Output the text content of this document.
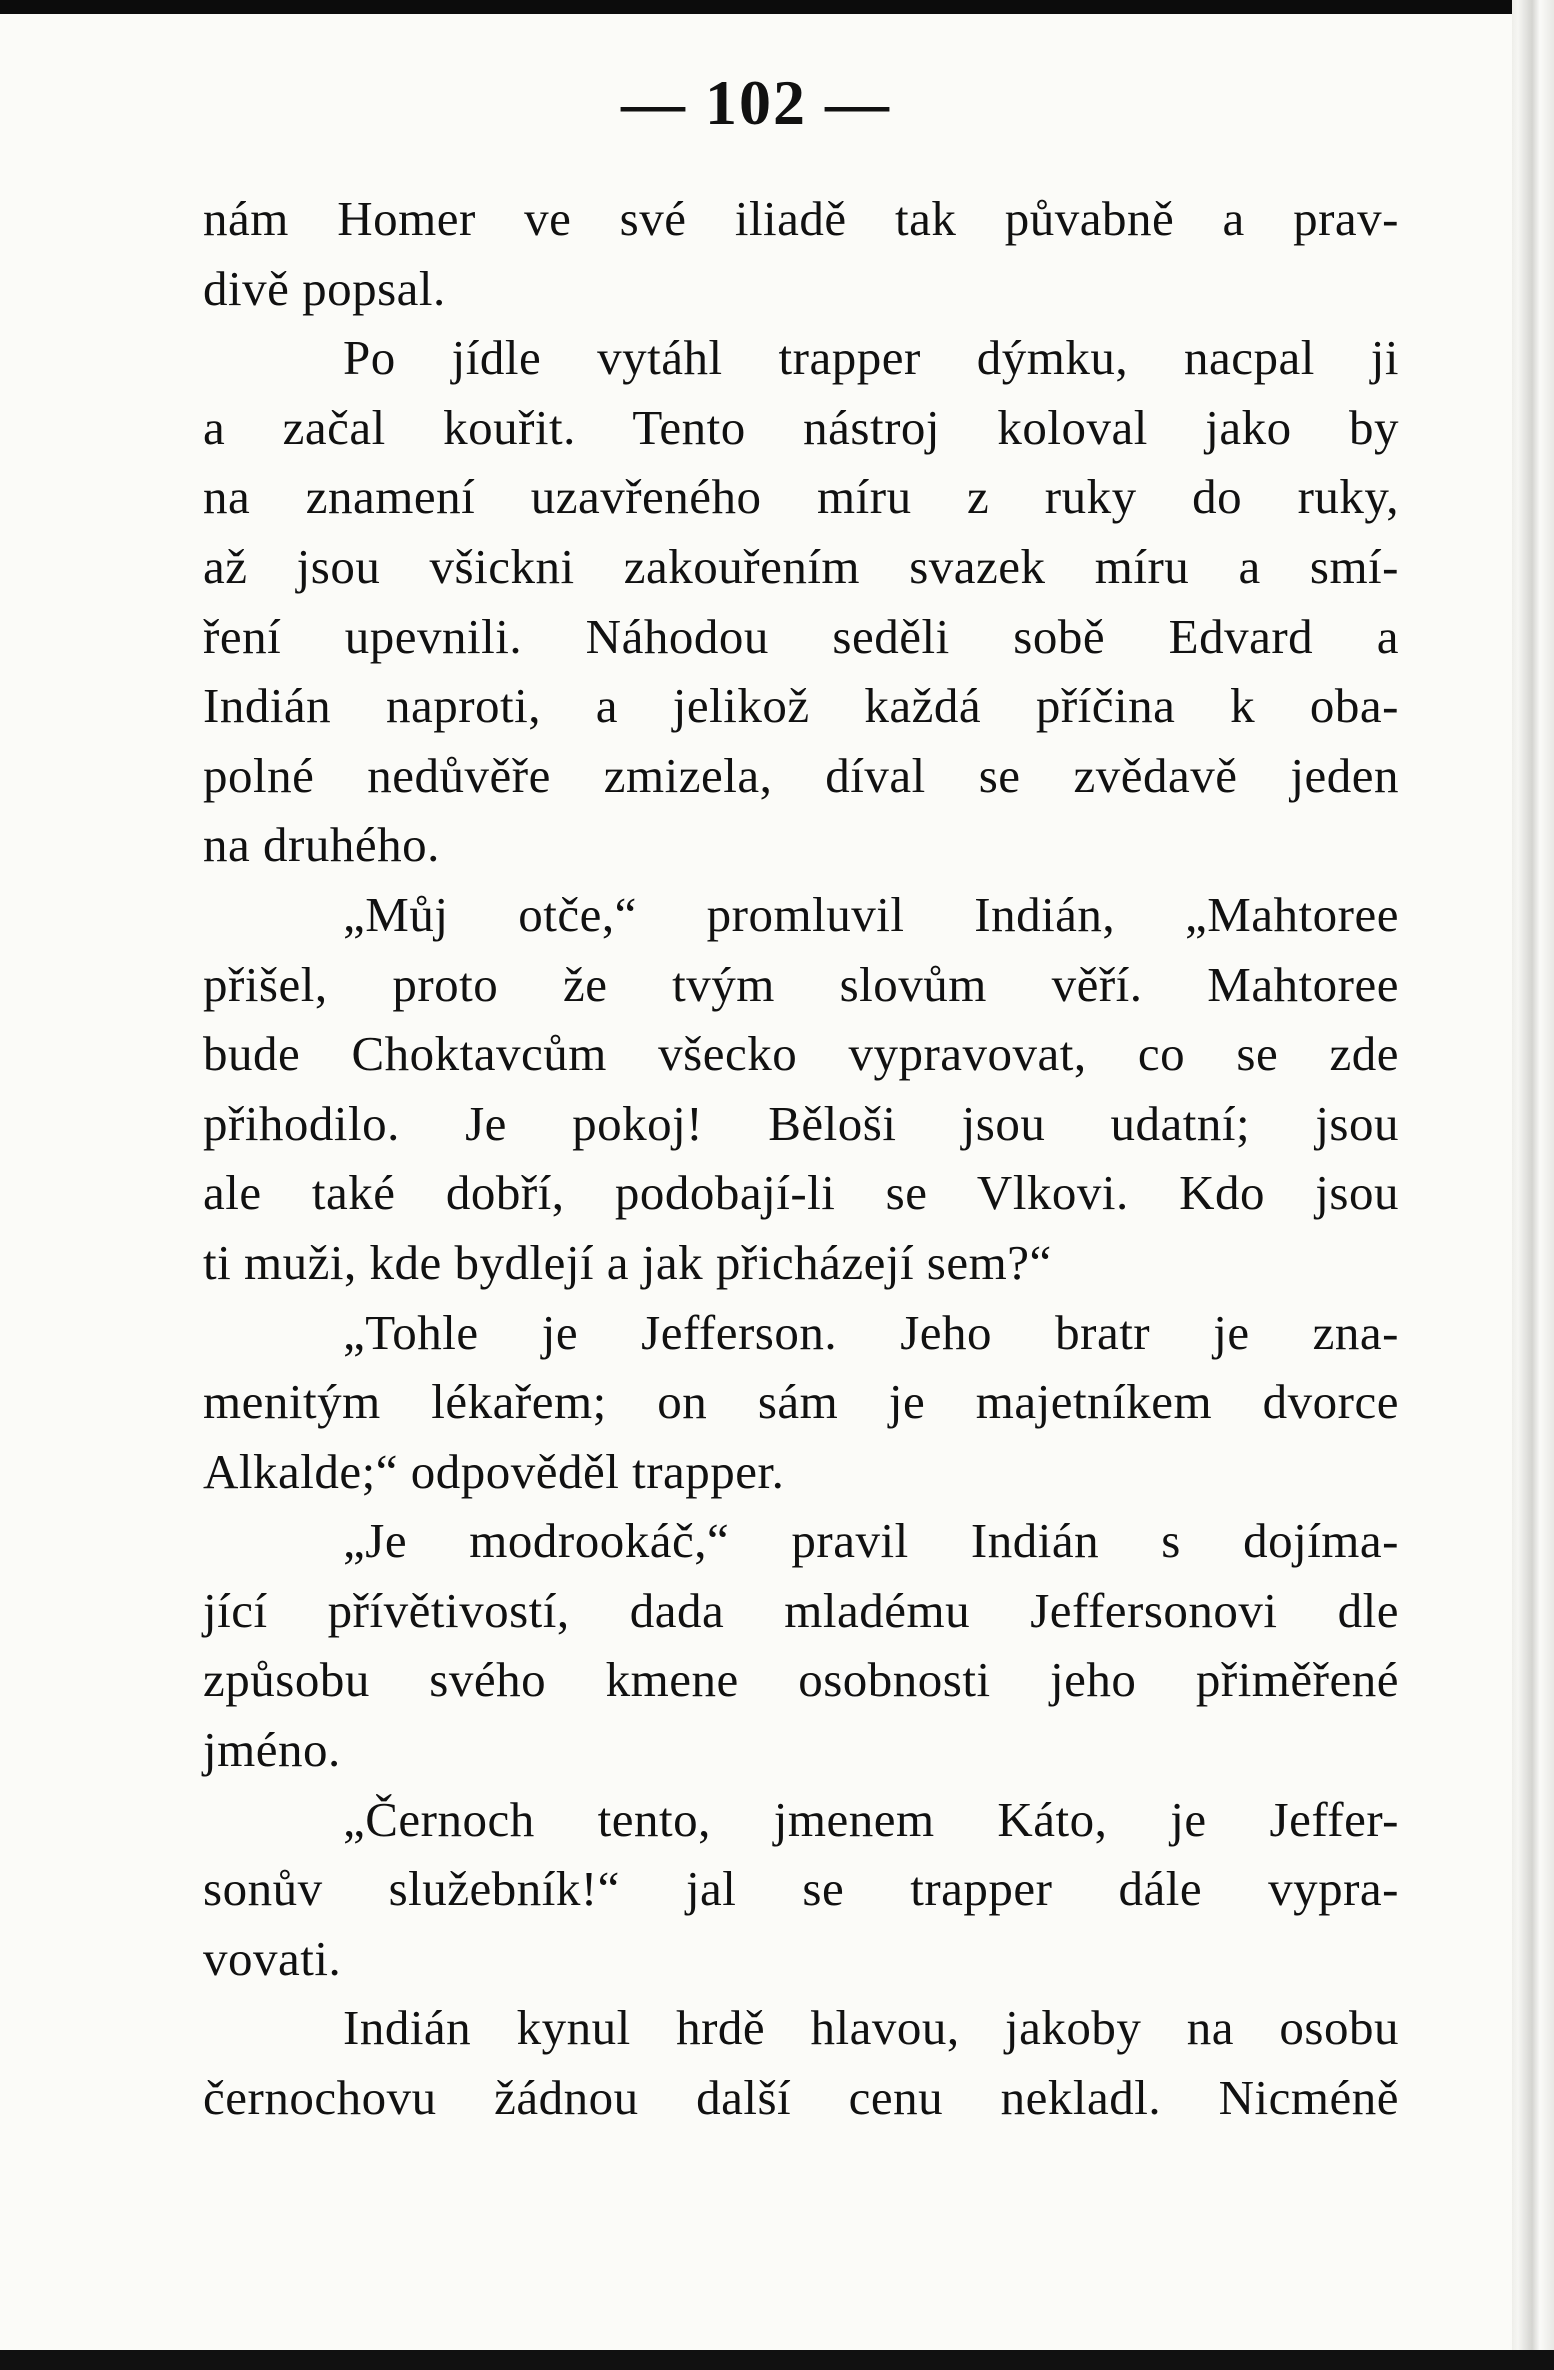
— 102 —
nám Homer ve své iliadě tak půvabně a prav-
divě popsal.
Po jídle vytáhl trapper dýmku, nacpal ji
a začal kouřit. Tento nástroj koloval jako by
na znamení uzavřeného míru z ruky do ruky,
až jsou všickni zakouřením svazek míru a smí-
ření upevnili. Náhodou seděli sobě Edvard a
Indián naproti, a jelikož každá příčina k oba-
polné nedůvěře zmizela, díval se zvědavě jeden
na druhého.
„Můj otče,“ promluvil Indián, „Mahtoree
přišel, proto že tvým slovům věří. Mahtoree
bude Choktavcům všecko vypravovat, co se zde
přihodilo. Je pokoj! Běloši jsou udatní; jsou
ale také dobří, podobají-li se Vlkovi. Kdo jsou
ti muži, kde bydlejí a jak přicházejí sem?“
„Tohle je Jefferson. Jeho bratr je zna-
menitým lékařem; on sám je majetníkem dvorce
Alkalde;“ odpověděl trapper.
„Je modrookáč,“ pravil Indián s dojíma-
jící přívětivostí, dada mladému Jeffersonovi dle
způsobu svého kmene osobnosti jeho přiměřené
jméno.
„Černoch tento, jmenem Káto, je Jeffer-
sonův služebník!“ jal se trapper dále vypra-
vovati.
Indián kynul hrdě hlavou, jakoby na osobu
černochovu žádnou další cenu nekladl. Nicméně
